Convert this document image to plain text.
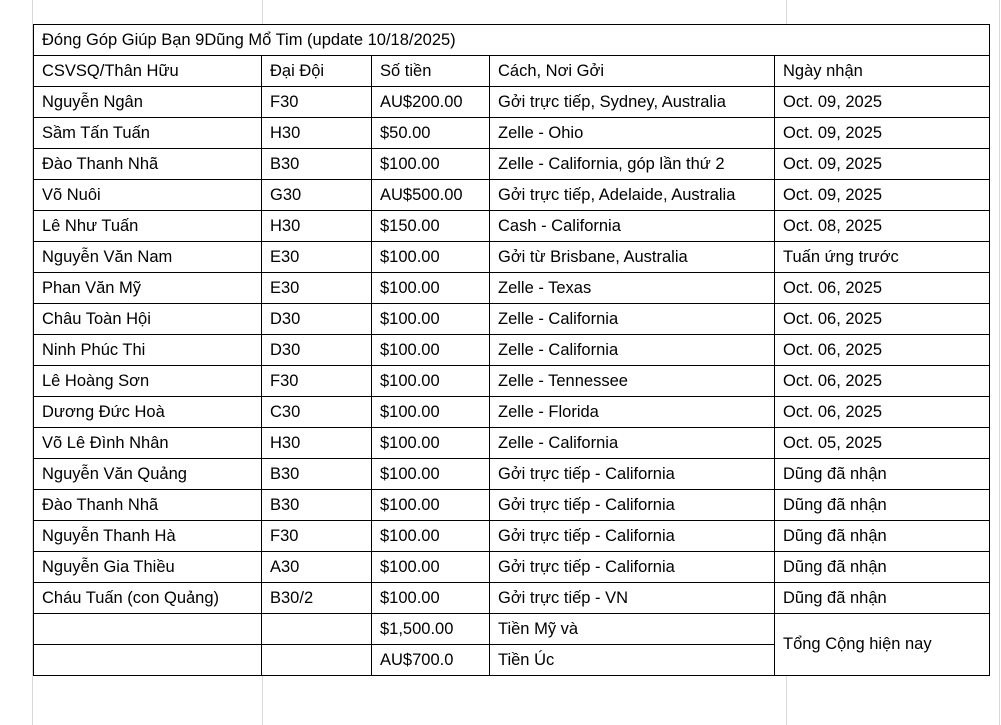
Đóng Góp Giúp Bạn 9Dũng Mổ Tim (update 10/18/2025)				
CSVSQ/Thân Hữu	Đại Đội	Số tiền	Cách, Nơi Gởi	Ngày nhận
Nguyễn Ngân	F30	AU$200.00	Gởi trực tiếp, Sydney, Australia	Oct. 09, 2025
Sầm Tấn Tuấn	H30	$50.00	Zelle - Ohio	Oct. 09, 2025
Đào Thanh Nhã	B30	$100.00	Zelle - California, góp lần thứ 2	Oct. 09, 2025
Võ Nuôi	G30	AU$500.00	Gởi trực tiếp, Adelaide, Australia	Oct. 09, 2025
Lê Như Tuấn	H30	$150.00	Cash - California	Oct. 08, 2025
Nguyễn Văn Nam	E30	$100.00	Gởi từ Brisbane, Australia	Tuấn ứng trước
Phan Văn Mỹ	E30	$100.00	Zelle - Texas	Oct. 06, 2025
Châu Toàn Hội	D30	$100.00	Zelle - California	Oct. 06, 2025
Ninh Phúc Thi	D30	$100.00	Zelle - California	Oct. 06, 2025
Lê Hoàng Sơn	F30	$100.00	Zelle - Tennessee	Oct. 06, 2025
Dương Đức Hoà	C30	$100.00	Zelle - Florida	Oct. 06, 2025
Võ Lê Đình Nhân	H30	$100.00	Zelle - California	Oct. 05, 2025
Nguyễn Văn Quảng	B30	$100.00	Gởi trực tiếp - California	Dũng đã nhận
Đào Thanh Nhã	B30	$100.00	Gởi trực tiếp - California	Dũng đã nhận
Nguyễn Thanh Hà	F30	$100.00	Gởi trực tiếp - California	Dũng đã nhận
Nguyễn Gia Thiều	A30	$100.00	Gởi trực tiếp - California	Dũng đã nhận
Cháu Tuấn (con Quảng)	B30/2	$100.00	Gởi trực tiếp - VN	Dũng đã nhận
		$1,500.00	Tiền Mỹ và	Tổng Cộng hiện nay
		AU$700.0	Tiền Úc	
